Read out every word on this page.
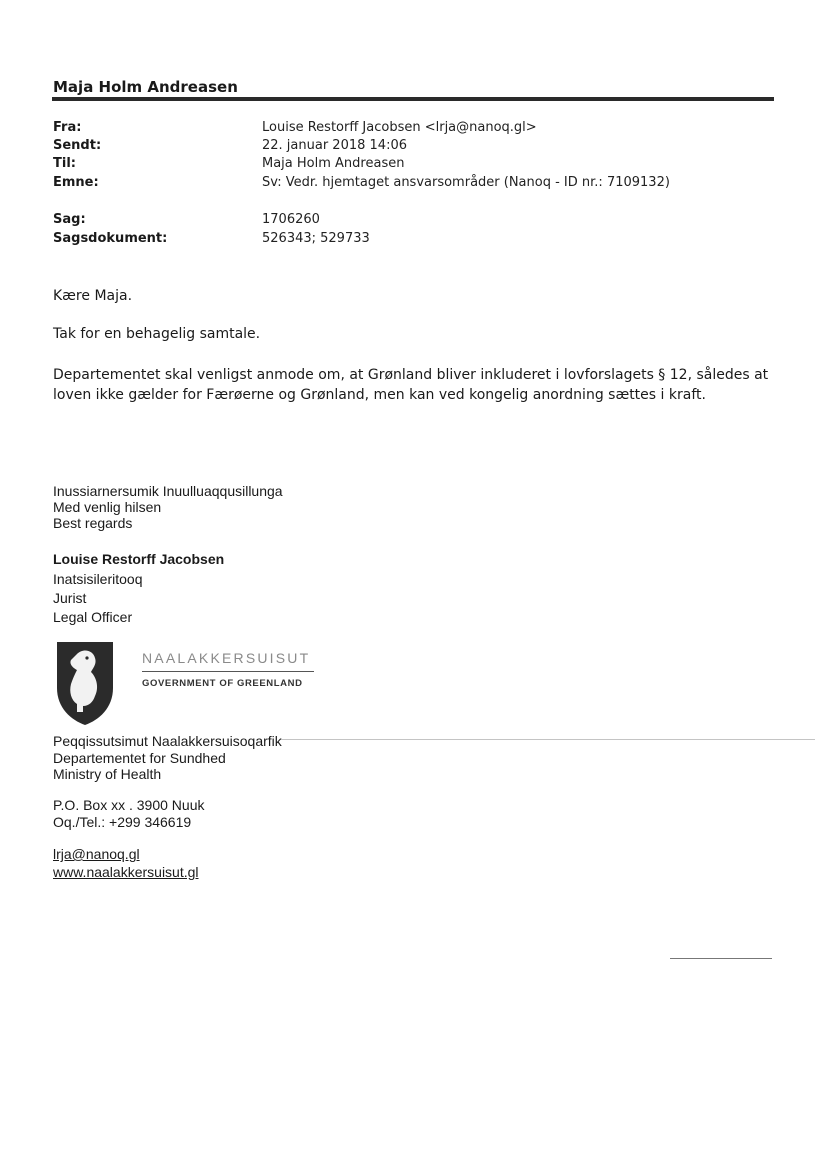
Maja Holm Andreasen
Fra:	Louise Restorff Jacobsen <lrja@nanoq.gl>
Sendt:	22. januar 2018 14:06
Til:	Maja Holm Andreasen
Emne:	Sv: Vedr. hjemtaget ansvarsområder (Nanoq - ID nr.: 7109132)
Sag:	1706260
Sagsdokument:	526343; 529733
Kære Maja.
Tak for en behagelig samtale.
Departementet skal venligst anmode om, at Grønland bliver inkluderet i lovforslagets § 12, således at loven ikke gælder for Færøerne og Grønland, men kan ved kongelig anordning sættes i kraft.
Inussiarnersumik Inuulluaqqusillunga
Med venlig hilsen
Best regards
Louise Restorff Jacobsen
Inatsisileritooq
Jurist
Legal Officer
NAALAKKERSUISUT
GOVERNMENT OF GREENLAND
Peqqissutsimut Naalakkersuisoqarfik
Departementet for Sundhed
Ministry of Health
P.O. Box xx . 3900 Nuuk
Oq./Tel.: +299 346619
lrja@nanoq.gl
www.naalakkersuisut.gl
